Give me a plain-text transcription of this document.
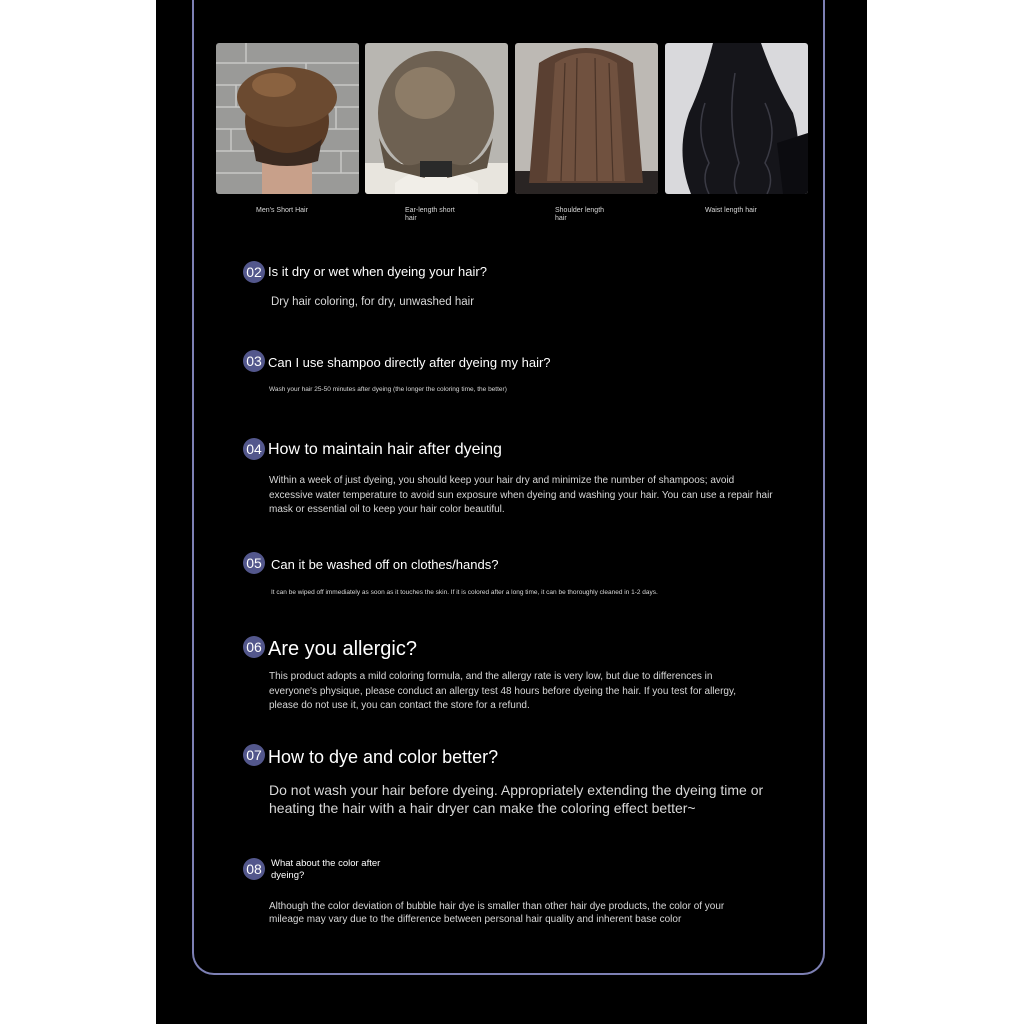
Men's Short Hair	Ear-length short hair
Shoulder length hair
Waist length hair
02 Is it dry or wet when dyeing your hair?
Dry hair coloring, for dry, unwashed hair
03 Can I use shampoo directly after dyeing my hair?
Wash your hair 25-50 minutes after dyeing (the longer the coloring time, the better)
04 How to maintain hair after dyeing
Within a week of just dyeing, you should keep your hair dry and minimize the number of shampoos; avoid excessive water temperature to avoid sun exposure when dyeing and washing your hair. You can use a repair hair mask or essential oil to keep your hair color beautiful.
05 Can it be washed off on clothes/hands?
It can be wiped off immediately as soon as it touches the skin. If it is colored after a long time, it can be thoroughly cleaned in 1-2 days.
06 Are you allergic?
This product adopts a mild coloring formula, and the allergy rate is very low, but due to differences in everyone's physique, please conduct an allergy test 48 hours before dyeing the hair. If you test for allergy, please do not use it, you can contact the store for a refund.
07 How to dye and color better?
Do not wash your hair before dyeing. Appropriately extending the dyeing time or heating the hair with a hair dryer can make the coloring effect better~
08 What about the color after dyeing?
Although the color deviation of bubble hair dye is smaller than other hair dye products, the color of your mileage may vary due to the difference between personal hair quality and inherent base color
